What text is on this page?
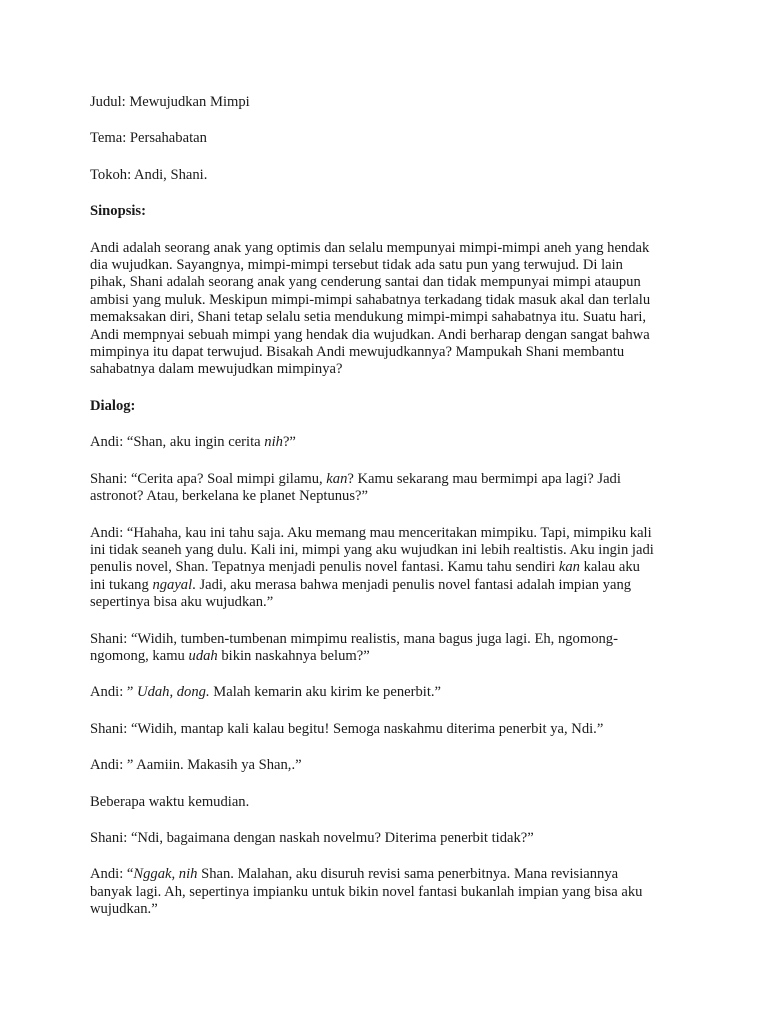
Judul: Mewujudkan Mimpi

Tema: Persahabatan

Tokoh: Andi, Shani.

Sinopsis:

Andi adalah seorang anak yang optimis dan selalu mempunyai mimpi-mimpi aneh yang hendak
dia wujudkan. Sayangnya, mimpi-mimpi tersebut tidak ada satu pun yang terwujud. Di lain
pihak, Shani adalah seorang anak yang cenderung santai dan tidak mempunyai mimpi ataupun
ambisi yang muluk. Meskipun mimpi-mimpi sahabatnya terkadang tidak masuk akal dan terlalu
memaksakan diri, Shani tetap selalu setia mendukung mimpi-mimpi sahabatnya itu. Suatu hari,
Andi mempnyai sebuah mimpi yang hendak dia wujudkan. Andi berharap dengan sangat bahwa
mimpinya itu dapat terwujud. Bisakah Andi mewujudkannya? Mampukah Shani membantu
sahabatnya dalam mewujudkan mimpinya?

Dialog:

Andi: “Shan, aku ingin cerita nih?”

Shani: “Cerita apa? Soal mimpi gilamu, kan? Kamu sekarang mau bermimpi apa lagi? Jadi
astronot? Atau, berkelana ke planet Neptunus?”

Andi: “Hahaha, kau ini tahu saja. Aku memang mau menceritakan mimpiku. Tapi, mimpiku kali
ini tidak seaneh yang dulu. Kali ini, mimpi yang aku wujudkan ini lebih realtistis. Aku ingin jadi
penulis novel, Shan. Tepatnya menjadi penulis novel fantasi. Kamu tahu sendiri kan kalau aku
ini tukang ngayal. Jadi, aku merasa bahwa menjadi penulis novel fantasi adalah impian yang
sepertinya bisa aku wujudkan.”

Shani: “Widih, tumben-tumbenan mimpimu realistis, mana bagus juga lagi. Eh, ngomong-
ngomong, kamu udah bikin naskahnya belum?”

Andi: ” Udah, dong. Malah kemarin aku kirim ke penerbit.”

Shani: “Widih, mantap kali kalau begitu! Semoga naskahmu diterima penerbit ya, Ndi.”

Andi: ” Aamiin. Makasih ya Shan,.”

Beberapa waktu kemudian.

Shani: “Ndi, bagaimana dengan naskah novelmu? Diterima penerbit tidak?”

Andi: “Nggak, nih Shan. Malahan, aku disuruh revisi sama penerbitnya. Mana revisiannya
banyak lagi. Ah, sepertinya impianku untuk bikin novel fantasi bukanlah impian yang bisa aku
wujudkan.”
